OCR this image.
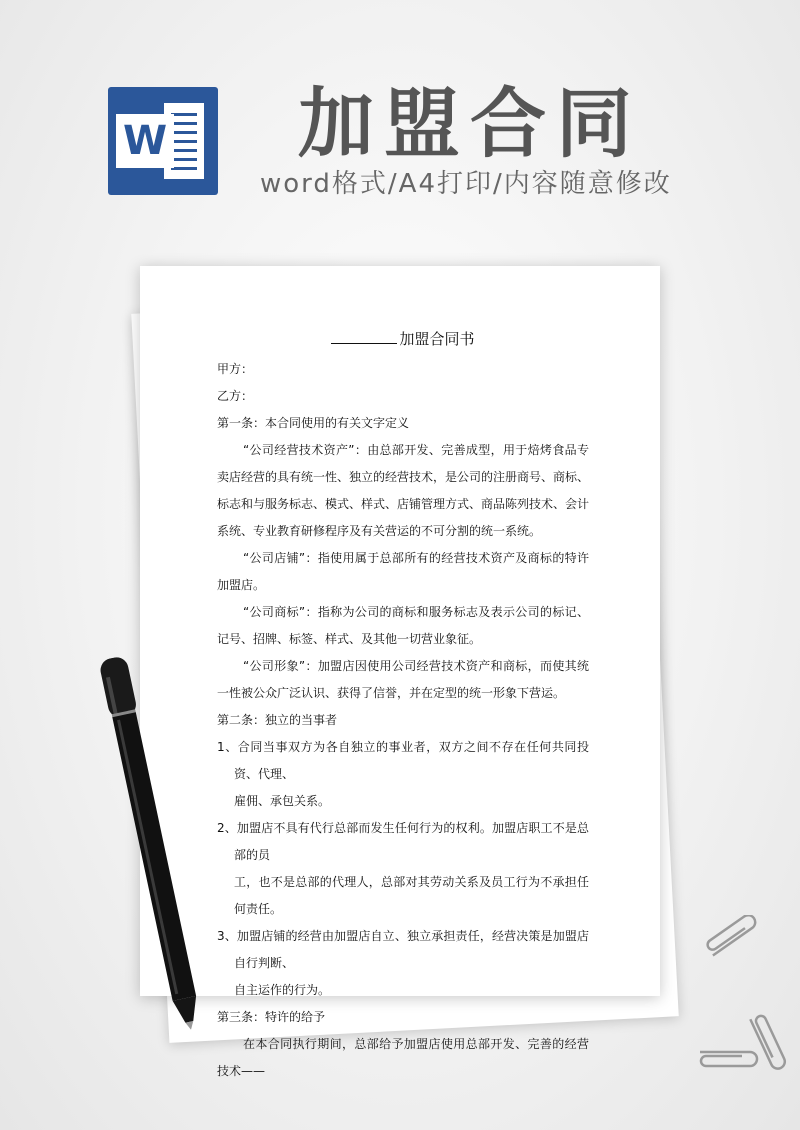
W 加盟合同
word格式/A4打印/内容随意修改
加盟合同书

甲方：

乙方：

第一条：本合同使用的有关文字定义

“公司经营技术资产”：由总部开发、完善成型，用于焙烤食品专卖店经营的具有统一性、独立的经营技术，是公司的注册商号、商标、标志和与服务标志、模式、样式、店铺管理方式、商品陈列技术、会计系统、专业教育研修程序及有关营运的不可分割的统一系统。

“公司店铺”：指使用属于总部所有的经营技术资产及商标的特许加盟店。

“公司商标”：指称为公司的商标和服务标志及表示公司的标记、记号、招牌、标签、样式、及其他一切营业象征。

“公司形象”：加盟店因使用公司经营技术资产和商标，而使其统一性被公众广泛认识、获得了信誉，并在定型的统一形象下营运。

第二条：独立的当事者

1、合同当事双方为各自独立的事业者，双方之间不存在任何共同投资、代理、

雇佣、承包关系。

2、加盟店不具有代行总部而发生任何行为的权利。加盟店职工不是总部的员

工，也不是总部的代理人，总部对其劳动关系及员工行为不承担任何责任。

3、加盟店铺的经营由加盟店自立、独立承担责任，经营决策是加盟店自行判断、

自主运作的行为。

第三条：特许的给予

在本合同执行期间，总部给予加盟店使用总部开发、完善的经营技术——
